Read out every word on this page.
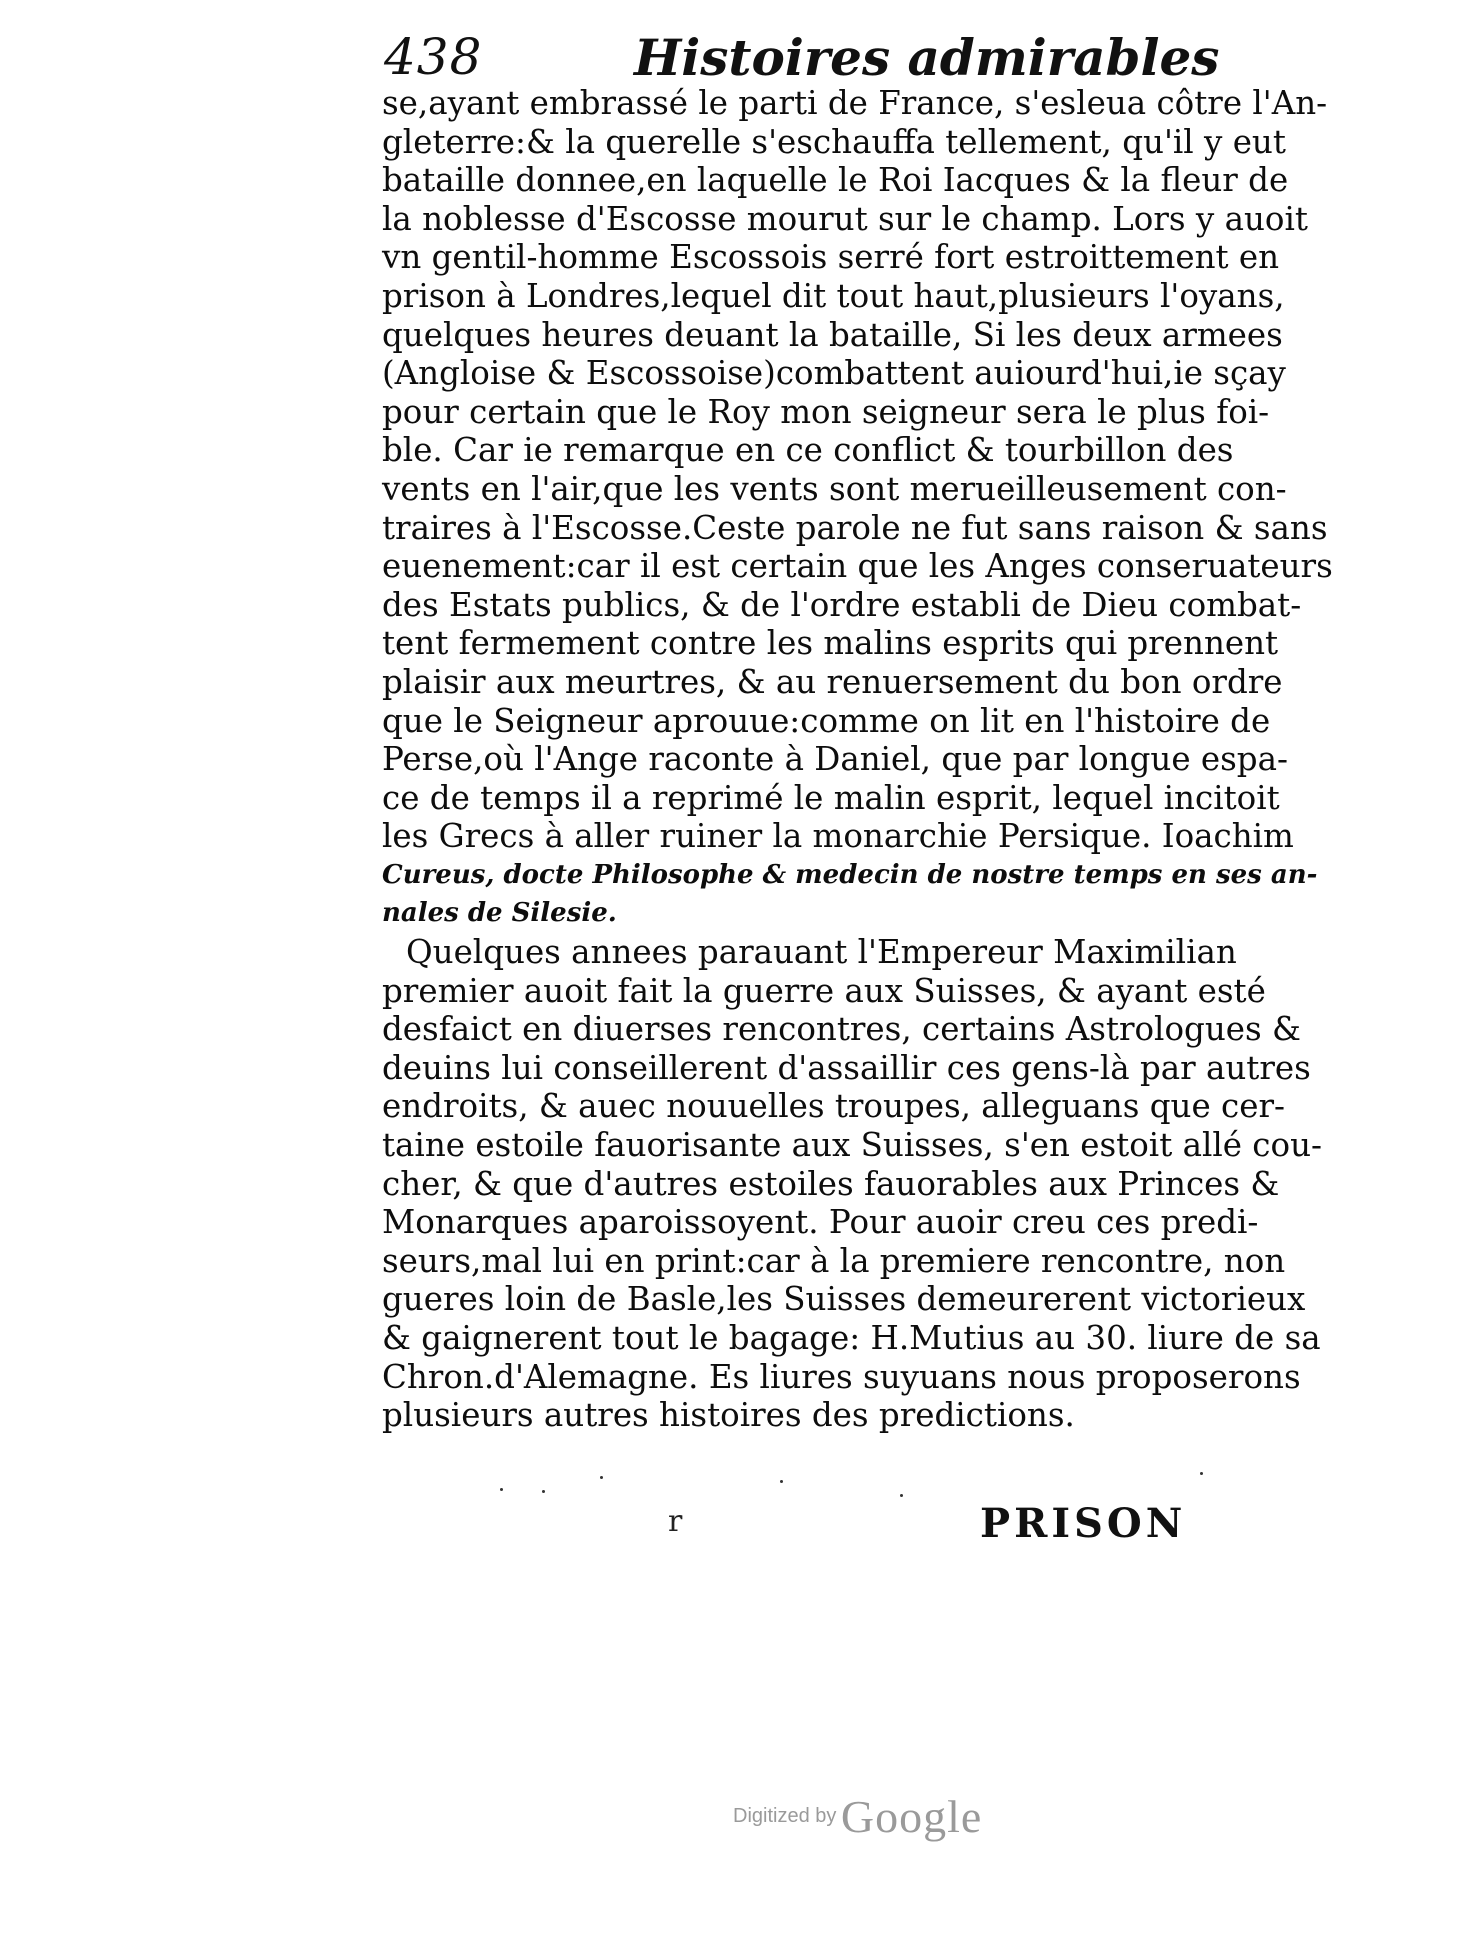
438	Histoires admirables
se,ayant embrassé le parti de France, s'esleua côtre l'An-
gleterre:& la querelle s'eschauffa tellement, qu'il y eut
bataille donnee,en laquelle le Roi Iacques & la fleur de
la noblesse d'Escosse mourut sur le champ. Lors y auoit
vn gentil-homme Escossois serré fort estroittement en
prison à Londres,lequel dit tout haut,plusieurs l'oyans,
quelques heures deuant la bataille, Si les deux armees
(Angloise & Escossoise)combattent auiourd'hui,ie sçay
pour certain que le Roy mon seigneur sera le plus foi-
ble. Car ie remarque en ce conflict & tourbillon des
vents en l'air,que les vents sont merueilleusement con-
traires à l'Escosse.Ceste parole ne fut sans raison & sans
euenement:car il est certain que les Anges conseruateurs
des Estats publics, & de l'ordre establi de Dieu combat-
tent fermement contre les malins esprits qui prennent
plaisir aux meurtres, & au renuersement du bon ordre
que le Seigneur aprouue:comme on lit en l'histoire de
Perse,où l'Ange raconte à Daniel, que par longue espa-
ce de temps il a reprimé le malin esprit, lequel incitoit
les Grecs à aller ruiner la monarchie Persique. Ioachim
Cureus, docte Philosophe & medecin de nostre temps en ses an-
nales de Silesie.
Quelques annees parauant l'Empereur Maximilian
premier auoit fait la guerre aux Suisses, & ayant esté
desfaict en diuerses rencontres, certains Astrologues &
deuins lui conseillerent d'assaillir ces gens-là par autres
endroits, & auec nouuelles troupes, alleguans que cer-
taine estoile fauorisante aux Suisses, s'en estoit allé cou-
cher, & que d'autres estoiles fauorables aux Princes &
Monarques aparoissoyent. Pour auoir creu ces predi-
seurs,mal lui en print:car à la premiere rencontre, non
gueres loin de Basle,les Suisses demeurerent victorieux
& gaignerent tout le bagage: H.Mutius au 30. liure de sa
Chron.d'Alemagne. Es liures suyuans nous proposerons
plusieurs autres histoires des predictions.
r	PRISON
Digitized by Google
